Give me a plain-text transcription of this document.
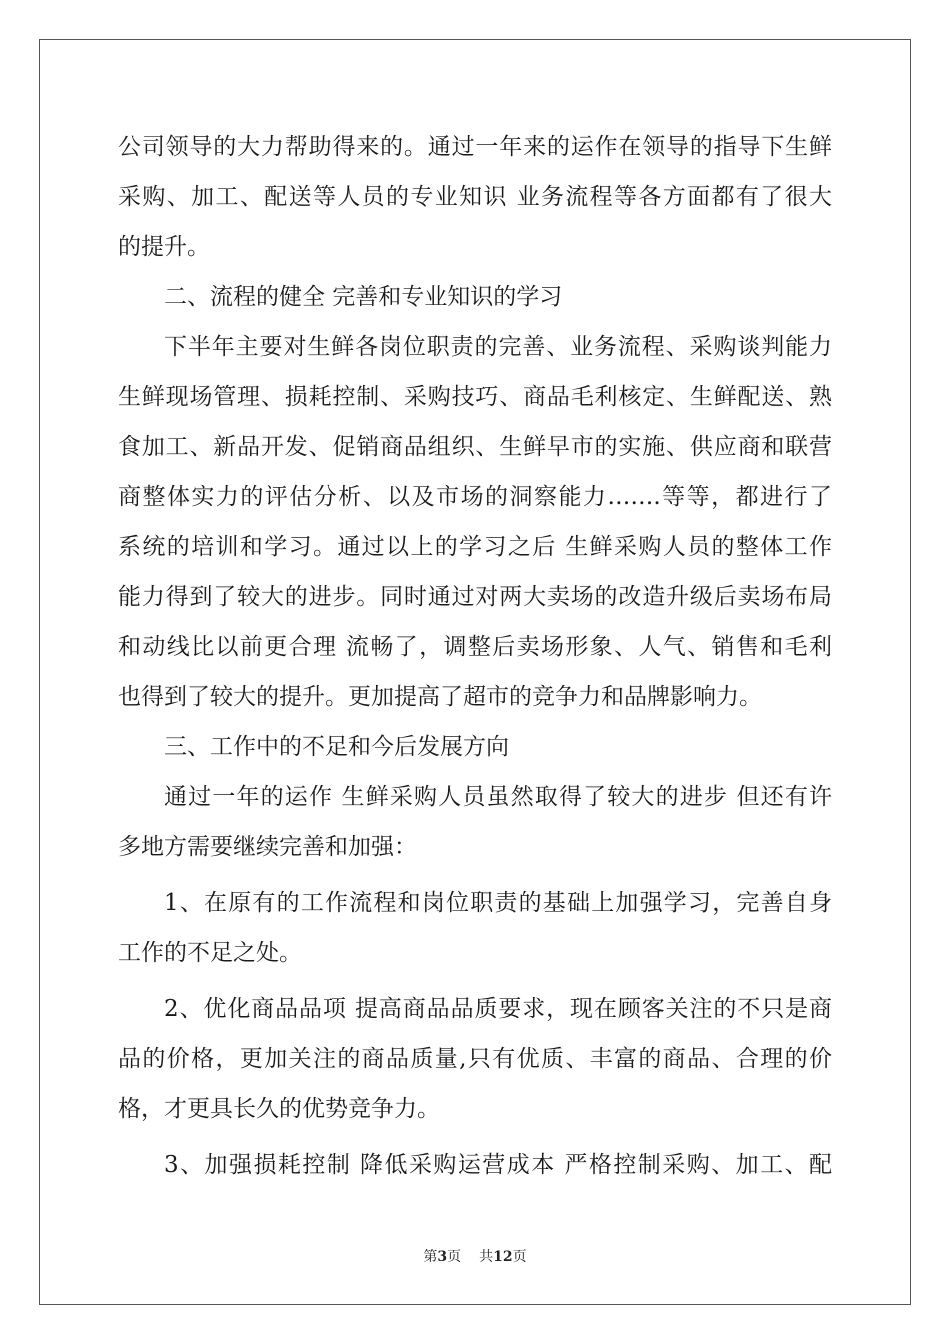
公司领导的大力帮助得来的。通过一年来的运作在领导的指导下生鲜
采购、加工、配送等人员的专业知识 业务流程等各方面都有了很大
的提升。
二、流程的健全 完善和专业知识的学习
下半年主要对生鲜各岗位职责的完善、业务流程、采购谈判能力
生鲜现场管理、损耗控制、采购技巧、商品毛利核定、生鲜配送、熟
食加工、新品开发、促销商品组织、生鲜早市的实施、供应商和联营
商整体实力的评估分析、以及市场的洞察能力…….等等，都进行了
系统的培训和学习。通过以上的学习之后 生鲜采购人员的整体工作
能力得到了较大的进步。同时通过对两大卖场的改造升级后卖场布局
和动线比以前更合理 流畅了，调整后卖场形象、人气、销售和毛利
也得到了较大的提升。更加提高了超市的竞争力和品牌影响力。
三、工作中的不足和今后发展方向
通过一年的运作 生鲜采购人员虽然取得了较大的进步 但还有许
多地方需要继续完善和加强：
1、在原有的工作流程和岗位职责的基础上加强学习，完善自身
工作的不足之处。
2、优化商品品项 提高商品品质要求，现在顾客关注的不只是商
品的价格，更加关注的商品质量,只有优质、丰富的商品、合理的价
格，才更具长久的优势竞争力。
3、加强损耗控制 降低采购运营成本 严格控制采购、加工、配
第3页 共12页
